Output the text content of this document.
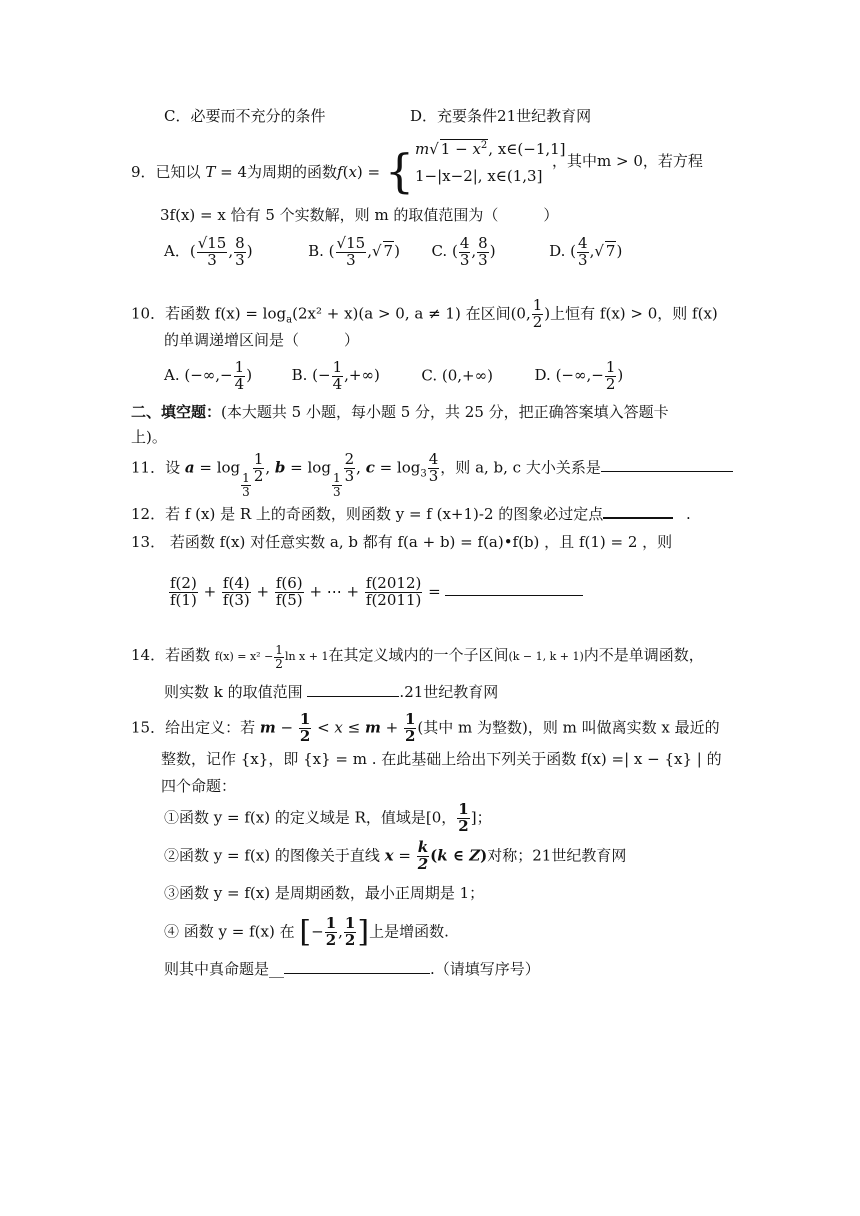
C．必要而不充分的条件	D．充要条件21世纪教育网
9．已知以 T = 4为周期的函数f(x) = { m√ $1 - x^2$, x∈(−1,1]
1−|x−2|, x∈(1,3]
，其中m > 0，若方程
3f(x) = x 恰有 5 个实数解，则 m 的取值范围为（　　　）
A．( $\frac{√15}{3}$ , $\frac{8}{3}$ )	B. ( $\frac{√15}{3}$ ,√ 7) C. ( $\frac{4}{3}$ , $\frac{8}{3}$ )	D. ( $\frac{4}{3}$ ,√ 7)
10．若函数 $f(x) = \log_a(2x^2 + x)(a > 0$, a ≠ 1) 在区间(0, $\frac{1}{2}$ )上恒有 f(x) > 0，则 f(x)
的单调递增区间是（　　　）
A. (−∞,− $\frac{1}{4}$ )	B. (− $\frac{1}{4}$ ,+∞)	C. (0,+∞)	D. (−∞,− $\frac{1}{2}$ )
二、填空题：(本大题共 5 小题，每小题 5 分，共 25 分，把正确答案填入答题卡
上)。
11．设 a = log
$\frac{1}{3}$
$\frac{1}{2}$ , b = log
$\frac{1}{3}$
$\frac{2}{3}$ , $c = \log_3 \frac{4}{3}$ ，则 a, b, c 大小关系是
12．若 f (x) 是 R 上的奇函数，则函数 y = f (x+1)-2 的图象必过定点	.
13． 若函数 f(x) 对任意实数 a, b 都有 f(a + b) = f(a)•f(b) ，且 f(1) = 2 ，则
$\frac{f(2)}{f(1)} + \frac{f(4)}{f(3)} + \frac{f(6)}{f(5)}$ + ⋯ + $\frac{f(2012)}{f(2011)}$ =
14．若函数 $f(x) = x^2 - \frac{1}{2}$ ln x + 1在其定义域内的一个子区间(k − 1, k + 1)内不是单调函数，
则实数 k 的取值范围	.21世纪教育网
15．给出定义：若 $m - \frac{1}{2} < x \le m + \frac{1}{2}$ (其中 m 为整数)，则 m 叫做离实数 x 最近的
整数，记作 {x}，即 {x} = m . 在此基础上给出下列关于函数 f(x) =| x − {x} | 的
四个命题：
①函数 y = f(x) 的定义域是 R，值域是[0， $\frac{1}{2}$ ]；
②函数 y = f(x) 的图像关于直线 $x = \frac{k}{2} (k$ ∈ Z)对称；21世纪教育网
③函数 y = f(x) 是周期函数，最小正周期是 1；
④ 函数 y = f(x) 在 [− $\frac{1}{2}$ , $\frac{1}{2}$ ]上是增函数.
则其中真命题是__	.（请填写序号）
